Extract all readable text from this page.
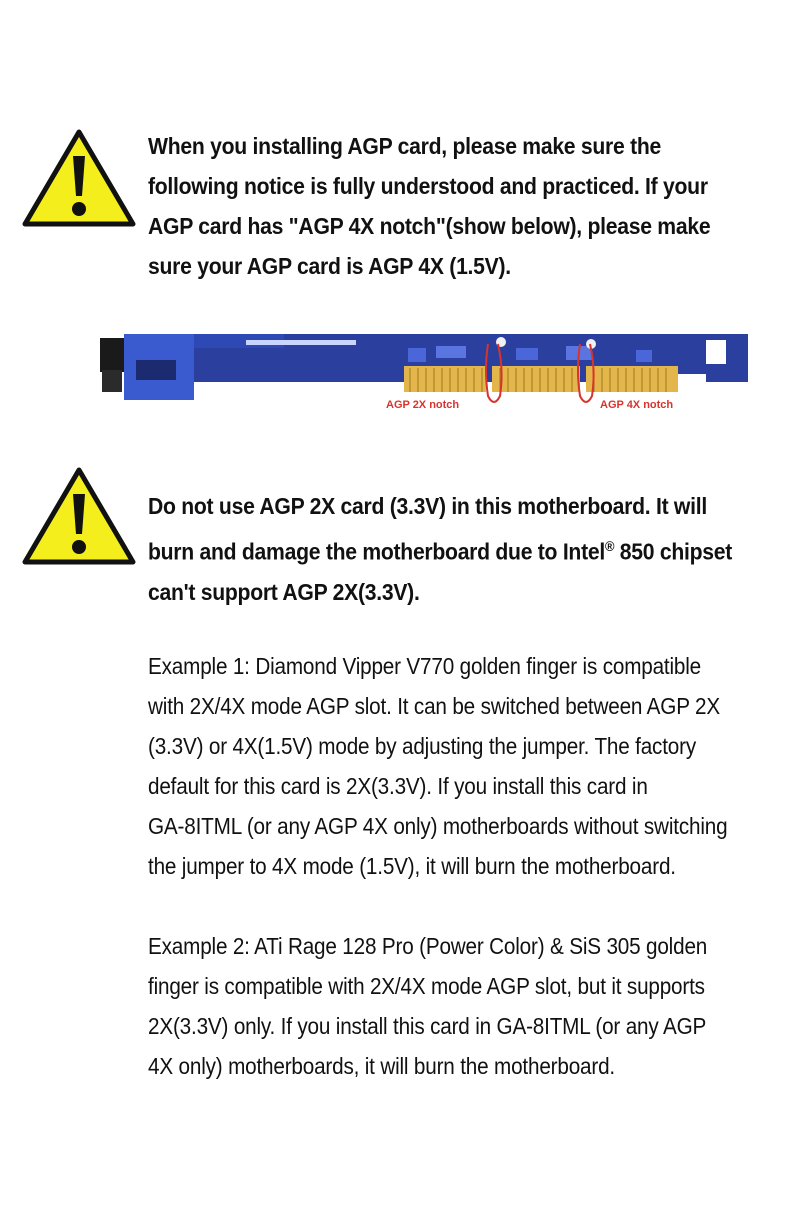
When you installing AGP card, please make sure the
following notice is fully understood and practiced. If your
AGP card has "AGP 4X notch"(show below), please make
sure your AGP card is AGP 4X (1.5V).
AGP 2X notch	AGP 4X notch
Do not use AGP 2X card (3.3V) in this motherboard. It will
burn and damage the motherboard due to Intel® 850 chipset
can't support AGP 2X(3.3V).
Example 1: Diamond Vipper V770 golden finger is compatible
with 2X/4X mode AGP slot. It can be switched between AGP 2X
(3.3V) or 4X(1.5V) mode by adjusting the jumper. The factory
default for this card is 2X(3.3V). If you install this card in
GA-8ITML (or any AGP 4X only) motherboards without switching
the jumper to 4X mode (1.5V), it will burn the motherboard.
Example 2: ATi Rage 128 Pro (Power Color) & SiS 305 golden
finger is compatible with 2X/4X mode AGP slot, but it supports
2X(3.3V) only. If you install this card in GA-8ITML (or any AGP
4X only) motherboards, it will burn the motherboard.
